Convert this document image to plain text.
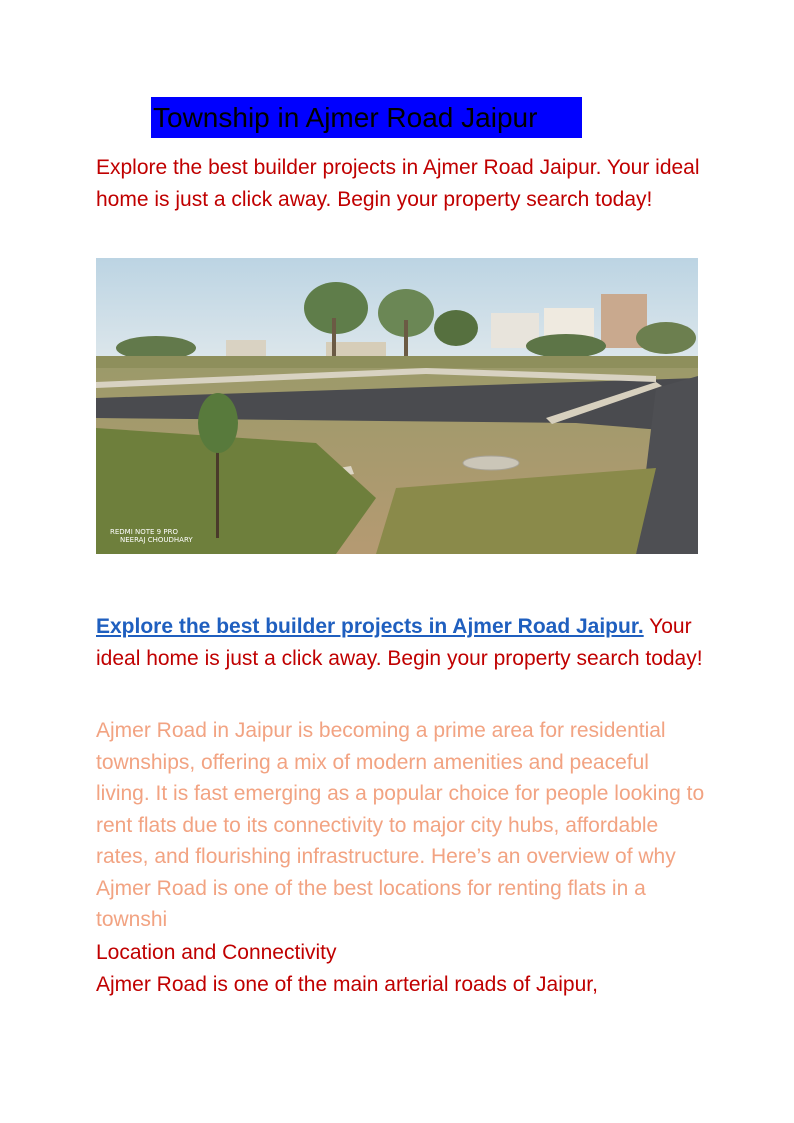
Township in Ajmer Road Jaipur
Explore the best builder projects in Ajmer Road Jaipur. Your ideal home is just a click away. Begin your property search today!
REDMI NOTE 9 PRO
NEERAJ CHOUDHARY
Explore the best builder projects in Ajmer Road Jaipur. Your ideal home is just a click away. Begin your property search today!
Ajmer Road in Jaipur is becoming a prime area for residential townships, offering a mix of modern amenities and peaceful living. It is fast emerging as a popular choice for people looking to rent flats due to its connectivity to major city hubs, affordable rates, and flourishing infrastructure. Here’s an overview of why Ajmer Road is one of the best locations for renting flats in a townshi
Location and Connectivity
Ajmer Road is one of the main arterial roads of Jaipur,
